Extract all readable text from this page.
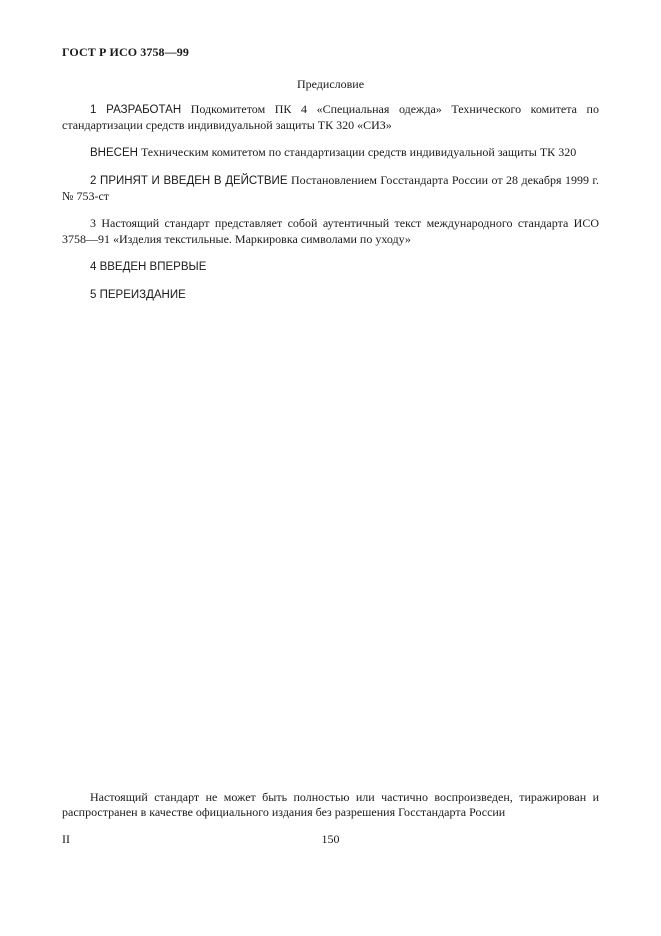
ГОСТ Р ИСО 3758—99
Предисловие

1 РАЗРАБОТАН Подкомитетом ПК 4 «Специальная одежда» Технического комитета по стандартизации средств индивидуальной защиты ТК 320 «СИЗ»

ВНЕСЕН Техническим комитетом по стандартизации средств индивидуальной защиты ТК 320

2 ПРИНЯТ И ВВЕДЕН В ДЕЙСТВИЕ Постановлением Госстандарта России от 28 декабря 1999 г. № 753-ст

3 Настоящий стандарт представляет собой аутентичный текст международного стандарта ИСО 3758—91 «Изделия текстильные. Маркировка символами по уходу»

4 ВВЕДЕН ВПЕРВЫЕ

5 ПЕРЕИЗДАНИЕ

Настоящий стандарт не может быть полностью или частично воспроизведен, тиражирован и распространен в качестве официального издания без разрешения Госстандарта России

II	150
